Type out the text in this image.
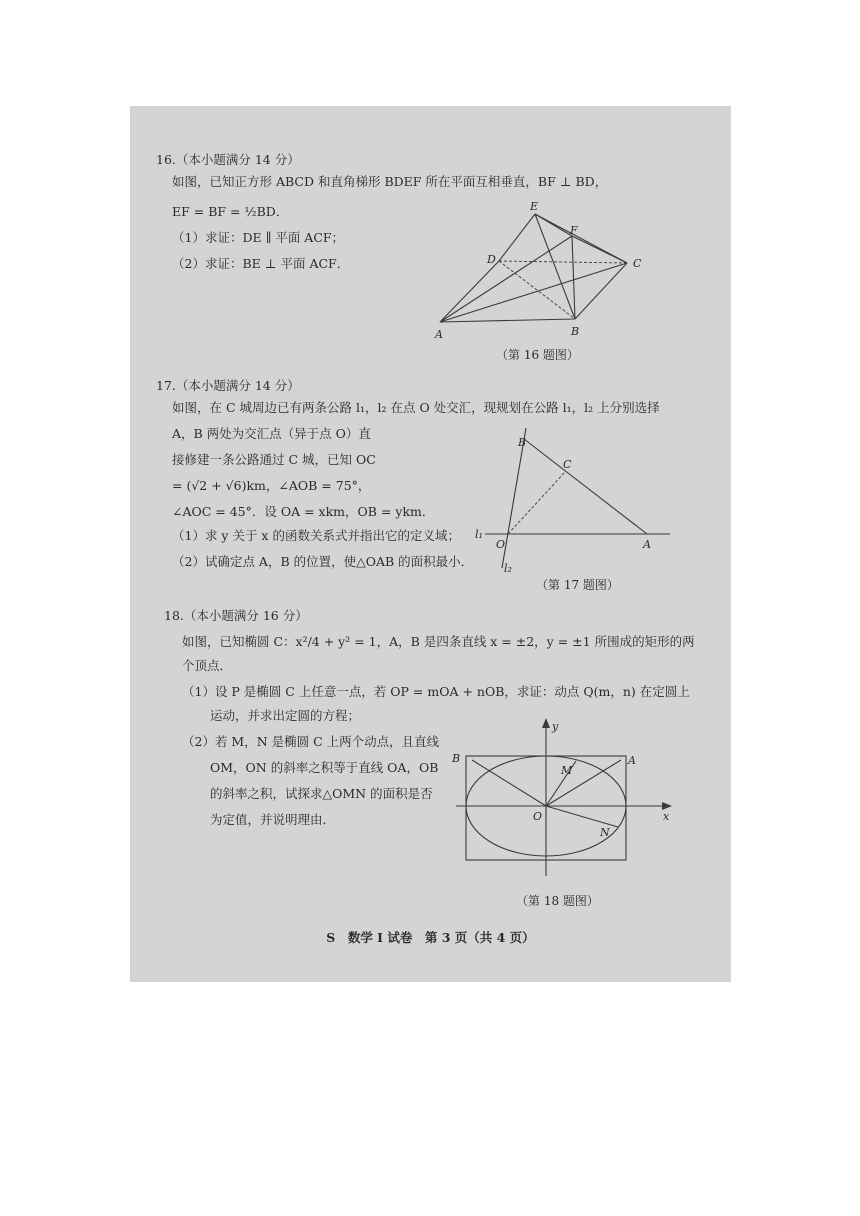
16.（本小题满分 14 分）
如图，已知正方形 ABCD 和直角梯形 BDEF 所在平面互相垂直，BF ⊥ BD，
EF = BF = ½BD．
（1）求证：DE ∥ 平面 ACF；
（2）求证：BE ⊥ 平面 ACF．
E
F
D	C
A	B
（第 16 题图）
17.（本小题满分 14 分）
如图，在 C 城周边已有两条公路 l₁，l₂ 在点 O 处交汇，现规划在公路 l₁，l₂ 上分别选择
A，B 两处为交汇点（异于点 O）直
接修建一条公路通过 C 城，已知 OC
= (√2 + √6)km，∠AOB = 75°，
∠AOC = 45°．设 OA = xkm，OB = ykm．
（1）求 y 关于 x 的函数关系式并指出它的定义域；
（2）试确定点 A，B 的位置，使△OAB 的面积最小．
B
C
O	A
l₁
l₂
（第 17 题图）
18.（本小题满分 16 分）
如图，已知椭圆 C：x²/4 + y² = 1，A，B 是四条直线 x = ±2，y = ±1 所围成的矩形的两
个顶点．
（1）设 P 是椭圆 C 上任意一点，若 OP = mOA + nOB，求证：动点 Q(m，n) 在定圆上
运动，并求出定圆的方程；
（2）若 M，N 是椭圆 C 上两个动点，且直线
OM，ON 的斜率之积等于直线 OA，OB
的斜率之积，试探求△OMN 的面积是否
为定值，并说明理由．
y
x
O
A
B
M
N
（第 18 题图）
S　数学 I 试卷　第 3 页（共 4 页）
